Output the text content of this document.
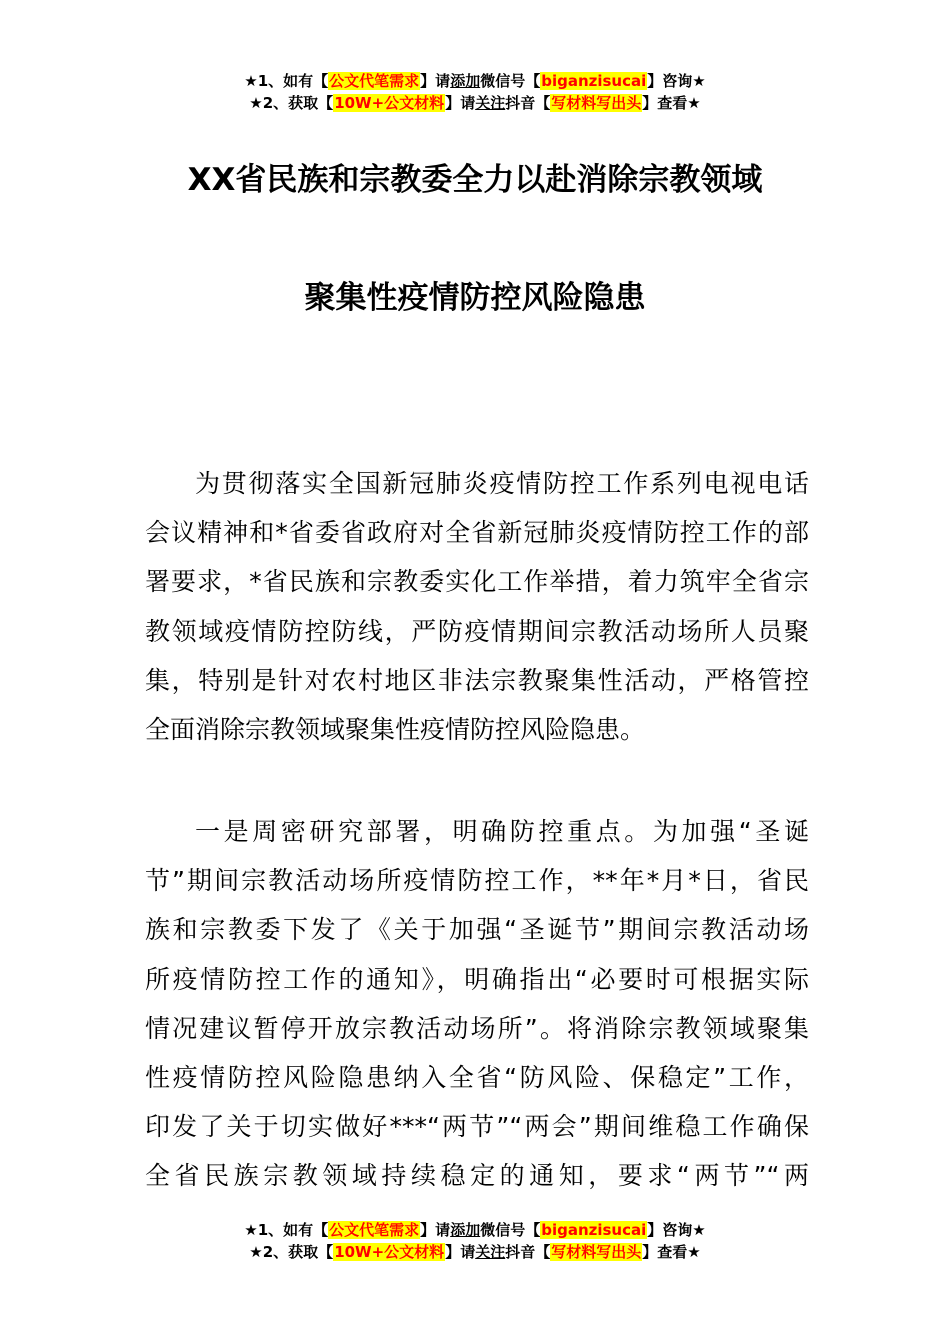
★1、如有【公文代笔需求】请添加微信号【biganzisucai】咨询★
★2、获取【10W+公文材料】请关注抖音【写材料写出头】查看★
XX省民族和宗教委全力以赴消除宗教领域
聚集性疫情防控风险隐患
为贯彻落实全国新冠肺炎疫情防控工作系列电视电话
会议精神和*省委省政府对全省新冠肺炎疫情防控工作的部
署要求，*省民族和宗教委实化工作举措，着力筑牢全省宗
教领域疫情防控防线，严防疫情期间宗教活动场所人员聚
集，特别是针对农村地区非法宗教聚集性活动，严格管控
全面消除宗教领域聚集性疫情防控风险隐患。
一是周密研究部署，明确防控重点。为加强“圣诞
节”期间宗教活动场所疫情防控工作，**年*月*日，省民
族和宗教委下发了《关于加强“圣诞节”期间宗教活动场
所疫情防控工作的通知》，明确指出“必要时可根据实际
情况建议暂停开放宗教活动场所”。将消除宗教领域聚集
性疫情防控风险隐患纳入全省“防风险、保稳定”工作，
印发了关于切实做好***“两节”“两会”期间维稳工作确保
全省民族宗教领域持续稳定的通知，要求“两节”“两
★1、如有【公文代笔需求】请添加微信号【biganzisucai】咨询★
★2、获取【10W+公文材料】请关注抖音【写材料写出头】查看★
